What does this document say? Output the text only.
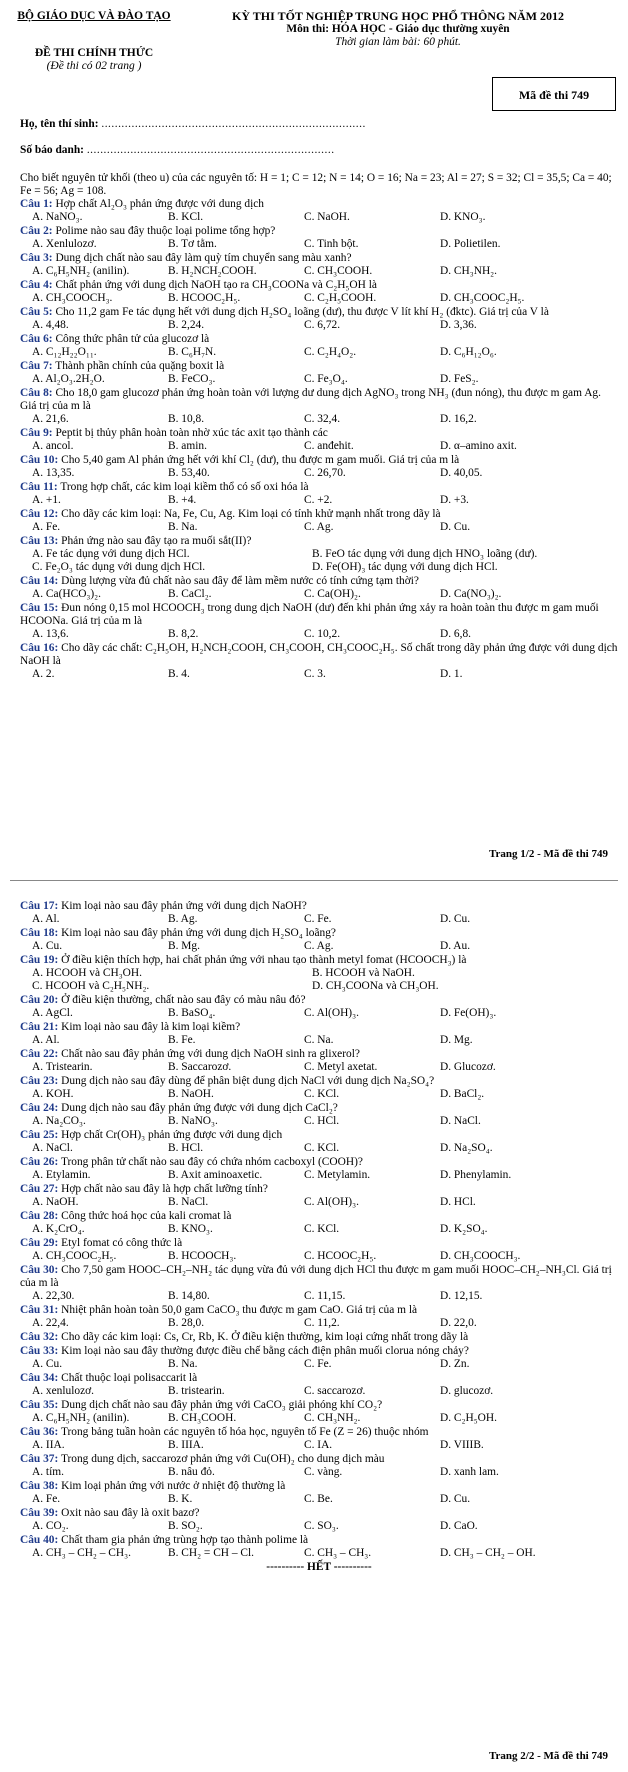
BỘ GIÁO DỤC VÀ ĐÀO TẠO
ĐỀ THI CHÍNH THỨC
(Đề thi có 02 trang )
KỲ THI TỐT NGHIỆP TRUNG HỌC PHỔ THÔNG NĂM 2012
Môn thi: HÓA HỌC - Giáo dục thường xuyên
Thời gian làm bài: 60 phút.
Mã đề thi 749
Họ, tên thí sinh: ...............................................................................
Số báo danh: ..........................................................................
Cho biết nguyên tử khối (theo u) của các nguyên tố: H = 1; C = 12; N = 14; O = 16; Na = 23; Al = 27; S = 32; Cl = 35,5; Ca = 40; Fe = 56; Ag = 108.
Câu 1: Hợp chất Al₂O₃ phản ứng được với dung dịch
A. NaNO₃.	B. KCl.	C. NaOH.	D. KNO₃.
Câu 2: Polime nào sau đây thuộc loại polime tổng hợp?
A. Xenlulozơ.	B. Tơ tằm.	C. Tinh bột.	D. Polietilen.
Câu 3: Dung dịch chất nào sau đây làm quỳ tím chuyển sang màu xanh?
A. C₆H₅NH₂ (anilin).	B. H₂NCH₂COOH.	C. CH₃COOH.	D. CH₃NH₂.
Câu 4: Chất phản ứng với dung dịch NaOH tạo ra CH₃COONa và C₂H₅OH là
A. CH₃COOCH₃.	B. HCOOC₂H₅.	C. C₂H₅COOH.	D. CH₃COOC₂H₅.
Câu 5: Cho 11,2 gam Fe tác dụng hết với dung dịch H₂SO₄ loãng (dư), thu được V lít khí H₂ (đktc). Giá trị của V là
A. 4,48.	B. 2,24.	C. 6,72.	D. 3,36.
Câu 6: Công thức phân tử của glucozơ là
A. C₁₂H₂₂O₁₁.	B. C₆H₇N.	C. C₂H₄O₂.	D. C₆H₁₂O₆.
Câu 7: Thành phần chính của quặng boxit là
A. Al₂O₃.2H₂O.	B. FeCO₃.	C. Fe₃O₄.	D. FeS₂.
Câu 8: Cho 18,0 gam glucozơ phản ứng hoàn toàn với lượng dư dung dịch AgNO₃ trong NH₃ (đun nóng), thu được m gam Ag. Giá trị của m là
A. 21,6.	B. 10,8.	C. 32,4.	D. 16,2.
Câu 9: Peptit bị thủy phân hoàn toàn nhờ xúc tác axit tạo thành các
A. ancol.	B. amin.	C. anđehit.	D. α–amino axit.
Câu 10: Cho 5,40 gam Al phản ứng hết với khí Cl₂ (dư), thu được m gam muối. Giá trị của m là
A. 13,35.	B. 53,40.	C. 26,70.	D. 40,05.
Câu 11: Trong hợp chất, các kim loại kiềm thổ có số oxi hóa là
A. +1.	B. +4.	C. +2.	D. +3.
Câu 12: Cho dãy các kim loại: Na, Fe, Cu, Ag. Kim loại có tính khử mạnh nhất trong dãy là
A. Fe.	B. Na.	C. Ag.	D. Cu.
Câu 13: Phản ứng nào sau đây tạo ra muối sắt(II)?
A. Fe tác dụng với dung dịch HCl.	B. FeO tác dụng với dung dịch HNO₃ loãng (dư).
C. Fe₂O₃ tác dụng với dung dịch HCl.	D. Fe(OH)₃ tác dụng với dung dịch HCl.
Câu 14: Dùng lượng vừa đủ chất nào sau đây để làm mềm nước có tính cứng tạm thời?
A. Ca(HCO₃)₂.	B. CaCl₂.	C. Ca(OH)₂.	D. Ca(NO₃)₂.
Câu 15: Đun nóng 0,15 mol HCOOCH₃ trong dung dịch NaOH (dư) đến khi phản ứng xảy ra hoàn toàn thu được m gam muối HCOONa. Giá trị của m là
A. 13,6.	B. 8,2.	C. 10,2.	D. 6,8.
Câu 16: Cho dãy các chất: C₂H₅OH, H₂NCH₂COOH, CH₃COOH, CH₃COOC₂H₅. Số chất trong dãy phản ứng được với dung dịch NaOH là
A. 2.	B. 4.	C. 3.	D. 1.
Trang 1/2 - Mã đề thi 749
Câu 17: Kim loại nào sau đây phản ứng với dung dịch NaOH?
A. Al.	B. Ag.	C. Fe.	D. Cu.
Câu 18: Kim loại nào sau đây phản ứng với dung dịch H₂SO₄ loãng?
A. Cu.	B. Mg.	C. Ag.	D. Au.
Câu 19: Ở điều kiện thích hợp, hai chất phản ứng với nhau tạo thành metyl fomat (HCOOCH₃) là
A. HCOOH và CH₃OH.	B. HCOOH và NaOH.
C. HCOOH và C₂H₅NH₂.	D. CH₃COONa và CH₃OH.
Câu 20: Ở điều kiện thường, chất nào sau đây có màu nâu đỏ?
A. AgCl.	B. BaSO₄.	C. Al(OH)₃.	D. Fe(OH)₃.
Câu 21: Kim loại nào sau đây là kim loại kiềm?
A. Al.	B. Fe.	C. Na.	D. Mg.
Câu 22: Chất nào sau đây phản ứng với dung dịch NaOH sinh ra glixerol?
A. Tristearin.	B. Saccarozơ.	C. Metyl axetat.	D. Glucozơ.
Câu 23: Dung dịch nào sau đây dùng để phân biệt dung dịch NaCl với dung dịch Na₂SO₄?
A. KOH.	B. NaOH.	C. KCl.	D. BaCl₂.
Câu 24: Dung dịch nào sau đây phản ứng được với dung dịch CaCl₂?
A. Na₂CO₃.	B. NaNO₃.	C. HCl.	D. NaCl.
Câu 25: Hợp chất Cr(OH)₃ phản ứng được với dung dịch
A. NaCl.	B. HCl.	C. KCl.	D. Na₂SO₄.
Câu 26: Trong phân tử chất nào sau đây có chứa nhóm cacboxyl (COOH)?
A. Etylamin.	B. Axit aminoaxetic.	C. Metylamin.	D. Phenylamin.
Câu 27: Hợp chất nào sau đây là hợp chất lưỡng tính?
A. NaOH.	B. NaCl.	C. Al(OH)₃.	D. HCl.
Câu 28: Công thức hoá học của kali cromat là
A. K₂CrO₄.	B. KNO₃.	C. KCl.	D. K₂SO₄.
Câu 29: Etyl fomat có công thức là
A. CH₃COOC₂H₅.	B. HCOOCH₃.	C. HCOOC₂H₅.	D. CH₃COOCH₃.
Câu 30: Cho 7,50 gam HOOC–CH₂–NH₂ tác dụng vừa đủ với dung dịch HCl thu được m gam muối HOOC–CH₂–NH₃Cl. Giá trị của m là
A. 22,30.	B. 14,80.	C. 11,15.	D. 12,15.
Câu 31: Nhiệt phân hoàn toàn 50,0 gam CaCO₃ thu được m gam CaO. Giá trị của m là
A. 22,4.	B. 28,0.	C. 11,2.	D. 22,0.
Câu 32: Cho dãy các kim loại: Cs, Cr, Rb, K. Ở điều kiện thường, kim loại cứng nhất trong dãy là
Câu 33: Kim loại nào sau đây thường được điều chế bằng cách điện phân muối clorua nóng chảy?
A. Cu.	B. Na.	C. Fe.	D. Zn.
Câu 34: Chất thuộc loại polisaccarit là
A. xenlulozơ.	B. tristearin.	C. saccarozơ.	D. glucozơ.
Câu 35: Dung dịch chất nào sau đây phản ứng với CaCO₃ giải phóng khí CO₂?
A. C₆H₅NH₂ (anilin).	B. CH₃COOH.	C. CH₃NH₂.	D. C₂H₅OH.
Câu 36: Trong bảng tuần hoàn các nguyên tố hóa học, nguyên tố Fe (Z = 26) thuộc nhóm
A. IIA.	B. IIIA.	C. IA.	D. VIIIB.
Câu 37: Trong dung dịch, saccarozơ phản ứng với Cu(OH)₂ cho dung dịch màu
A. tím.	B. nâu đỏ.	C. vàng.	D. xanh lam.
Câu 38: Kim loại phản ứng với nước ở nhiệt độ thường là
A. Fe.	B. K.	C. Be.	D. Cu.
Câu 39: Oxit nào sau đây là oxit bazơ?
A. CO₂.	B. SO₂.	C. SO₃.	D. CaO.
Câu 40: Chất tham gia phản ứng trùng hợp tạo thành polime là
A. CH₃ – CH₂ – CH₃.	B. CH₂ = CH – Cl.	C. CH₃ – CH₃.	D. CH₃ – CH₂ – OH.
---------- HẾT ----------
Trang 2/2 - Mã đề thi 749
